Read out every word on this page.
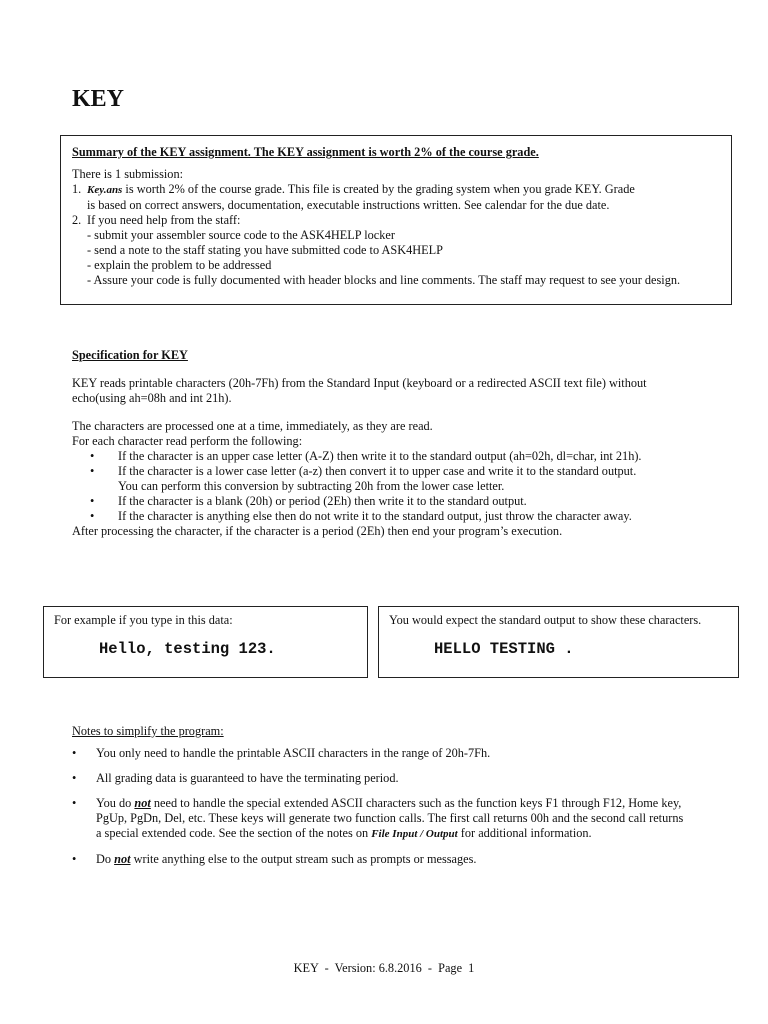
KEY
Summary of the KEY assignment. The KEY assignment is worth 2% of the course grade.
There is 1 submission:
1. Key.ans is worth 2% of the course grade. This file is created by the grading system when you grade KEY. Grade
is based on correct answers, documentation, executable instructions written. See calendar for the due date.
2. If you need help from the staff:
- submit your assembler source code to the ASK4HELP locker
- send a note to the staff stating you have submitted code to ASK4HELP
- explain the problem to be addressed
- Assure your code is fully documented with header blocks and line comments. The staff may request to see your design.

Specification for KEY

KEY reads printable characters (20h-7Fh) from the Standard Input (keyboard or a redirected ASCII text file) without

echo(using ah=08h and int 21h).

The characters are processed one at a time, immediately, as they are read.

For each character read perform the following:

• If the character is an upper case letter (A-Z) then write it to the standard output (ah=02h, dl=char, int 21h).
• If the character is a lower case letter (a-z) then convert it to upper case and write it to the standard output.
You can perform this conversion by subtracting 20h from the lower case letter.
• If the character is a blank (20h) or period (2Eh) then write it to the standard output.
• If the character is anything else then do not write it to the standard output, just throw the character away.

After processing the character, if the character is a period (2Eh) then end your program’s execution.

For example if you type in this data:
Hello, testing 123.
You would expect the standard output to show these characters.
HELLO TESTING .
Notes to simplify the program:
• You only need to handle the printable ASCII characters in the range of 20h-7Fh.
• All grading data is guaranteed to have the terminating period.
• You do not need to handle the special extended ASCII characters such as the function keys F1 through F12, Home key,
PgUp, PgDn, Del, etc. These keys will generate two function calls. The first call returns 00h and the second call returns
a special extended code. See the section of the notes on File Input / Output for additional information.
• Do not write anything else to the output stream such as prompts or messages.
KEY  -  Version: 6.8.2016  -  Page  1
